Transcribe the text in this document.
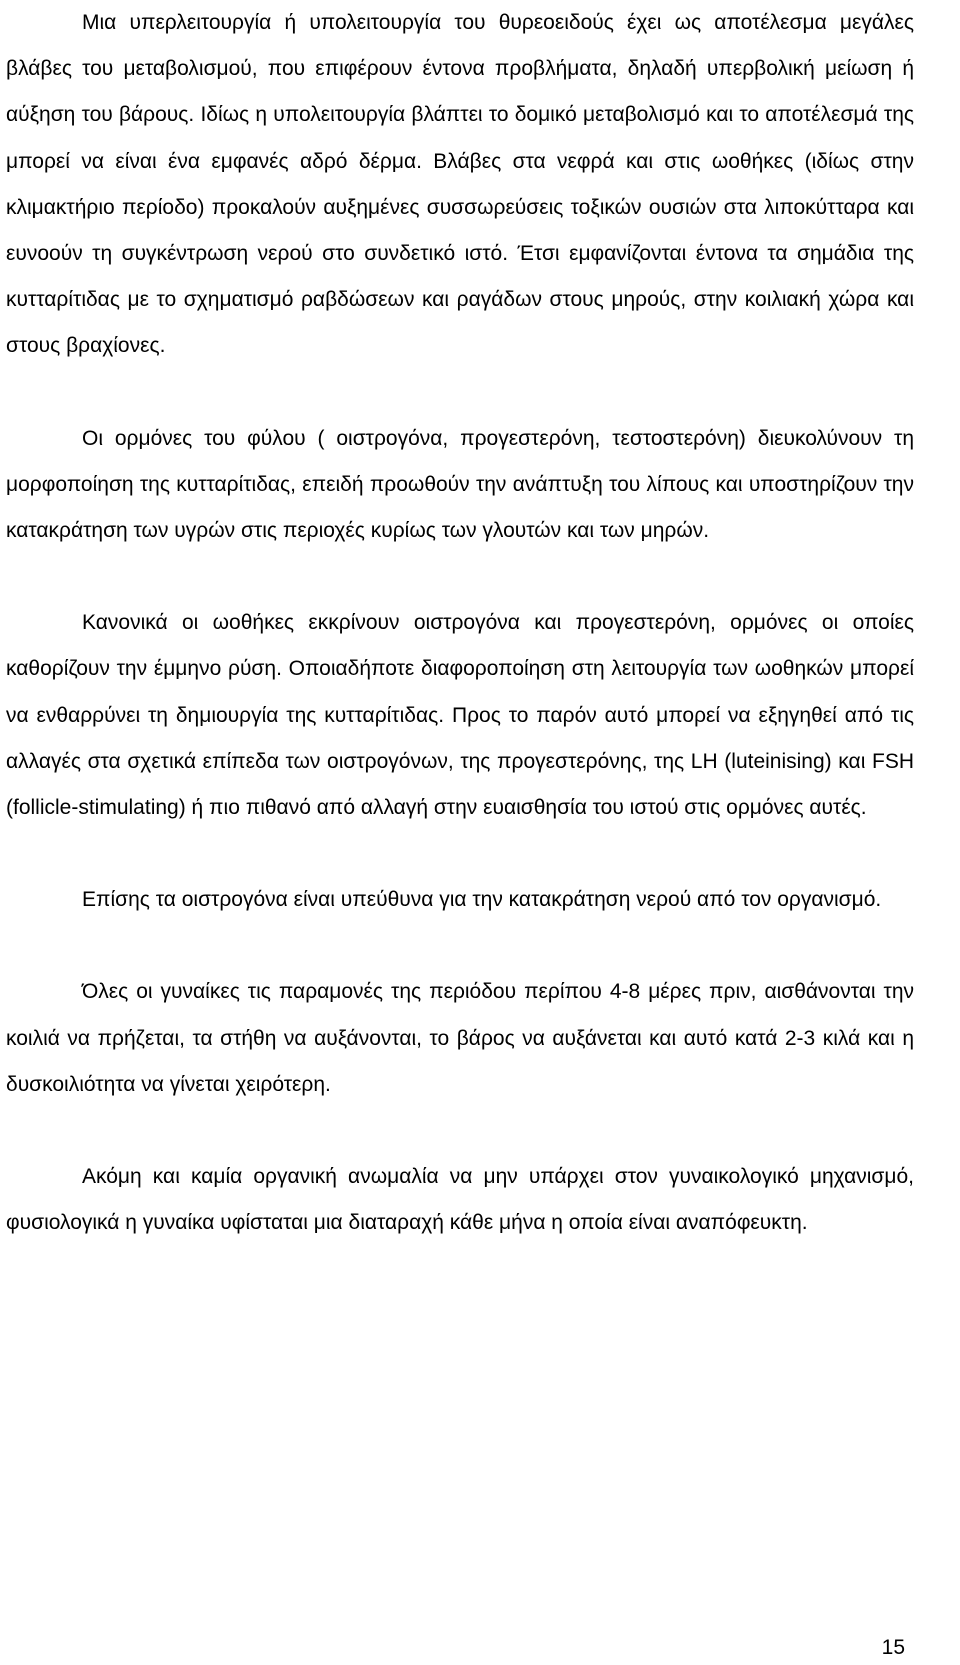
Μια υπερλειτουργία ή υπολειτουργία του θυρεοειδούς έχει ως αποτέλεσμα μεγάλες βλάβες του μεταβολισμού, που επιφέρουν έντονα προβλήματα, δηλαδή υπερβολική μείωση ή αύξηση του βάρους. Ιδίως η υπολειτουργία βλάπτει το δομικό μεταβολισμό και το αποτέλεσμά της μπορεί να είναι ένα εμφανές αδρό δέρμα. Βλάβες στα νεφρά και στις ωοθήκες (ιδίως στην κλιμακτήριο περίοδο) προκαλούν αυξημένες συσσωρεύσεις τοξικών ουσιών στα λιποκύτταρα και ευνοούν τη συγκέντρωση νερού στο συνδετικό ιστό. Έτσι εμφανίζονται έντονα τα σημάδια της κυτταρίτιδας με το σχηματισμό ραβδώσεων και ραγάδων στους μηρούς, στην κοιλιακή χώρα και στους βραχίονες.

Οι ορμόνες του φύλου ( οιστρογόνα, προγεστερόνη, τεστοστερόνη) διευκολύνουν τη μορφοποίηση της κυτταρίτιδας, επειδή προωθούν την ανάπτυξη του λίπους και υποστηρίζουν την κατακράτηση των υγρών στις περιοχές κυρίως των γλουτών και των μηρών.

Κανονικά οι ωοθήκες εκκρίνουν οιστρογόνα και προγεστερόνη, ορμόνες οι οποίες καθορίζουν την έμμηνο ρύση. Οποιαδήποτε διαφοροποίηση στη λειτουργία των ωοθηκών μπορεί να ενθαρρύνει τη δημιουργία της κυτταρίτιδας. Προς το παρόν αυτό μπορεί να εξηγηθεί από τις αλλαγές στα σχετικά επίπεδα των οιστρογόνων, της προγεστερόνης, της LH (luteinising) και FSH (follicle-stimulating) ή πιο πιθανό από αλλαγή στην ευαισθησία του ιστού στις ορμόνες αυτές.

Επίσης τα οιστρογόνα είναι υπεύθυνα για την κατακράτηση νερού από τον οργανισμό.

Όλες οι γυναίκες τις παραμονές της περιόδου περίπου 4-8 μέρες πριν, αισθάνονται την κοιλιά να πρήζεται, τα στήθη να αυξάνονται, το βάρος να αυξάνεται και αυτό κατά 2-3 κιλά και η δυσκοιλιότητα να γίνεται χειρότερη.

Ακόμη και καμία οργανική ανωμαλία να μην υπάρχει στον γυναικολογικό μηχανισμό, φυσιολογικά η γυναίκα υφίσταται μια διαταραχή κάθε μήνα η οποία είναι αναπόφευκτη.

15
